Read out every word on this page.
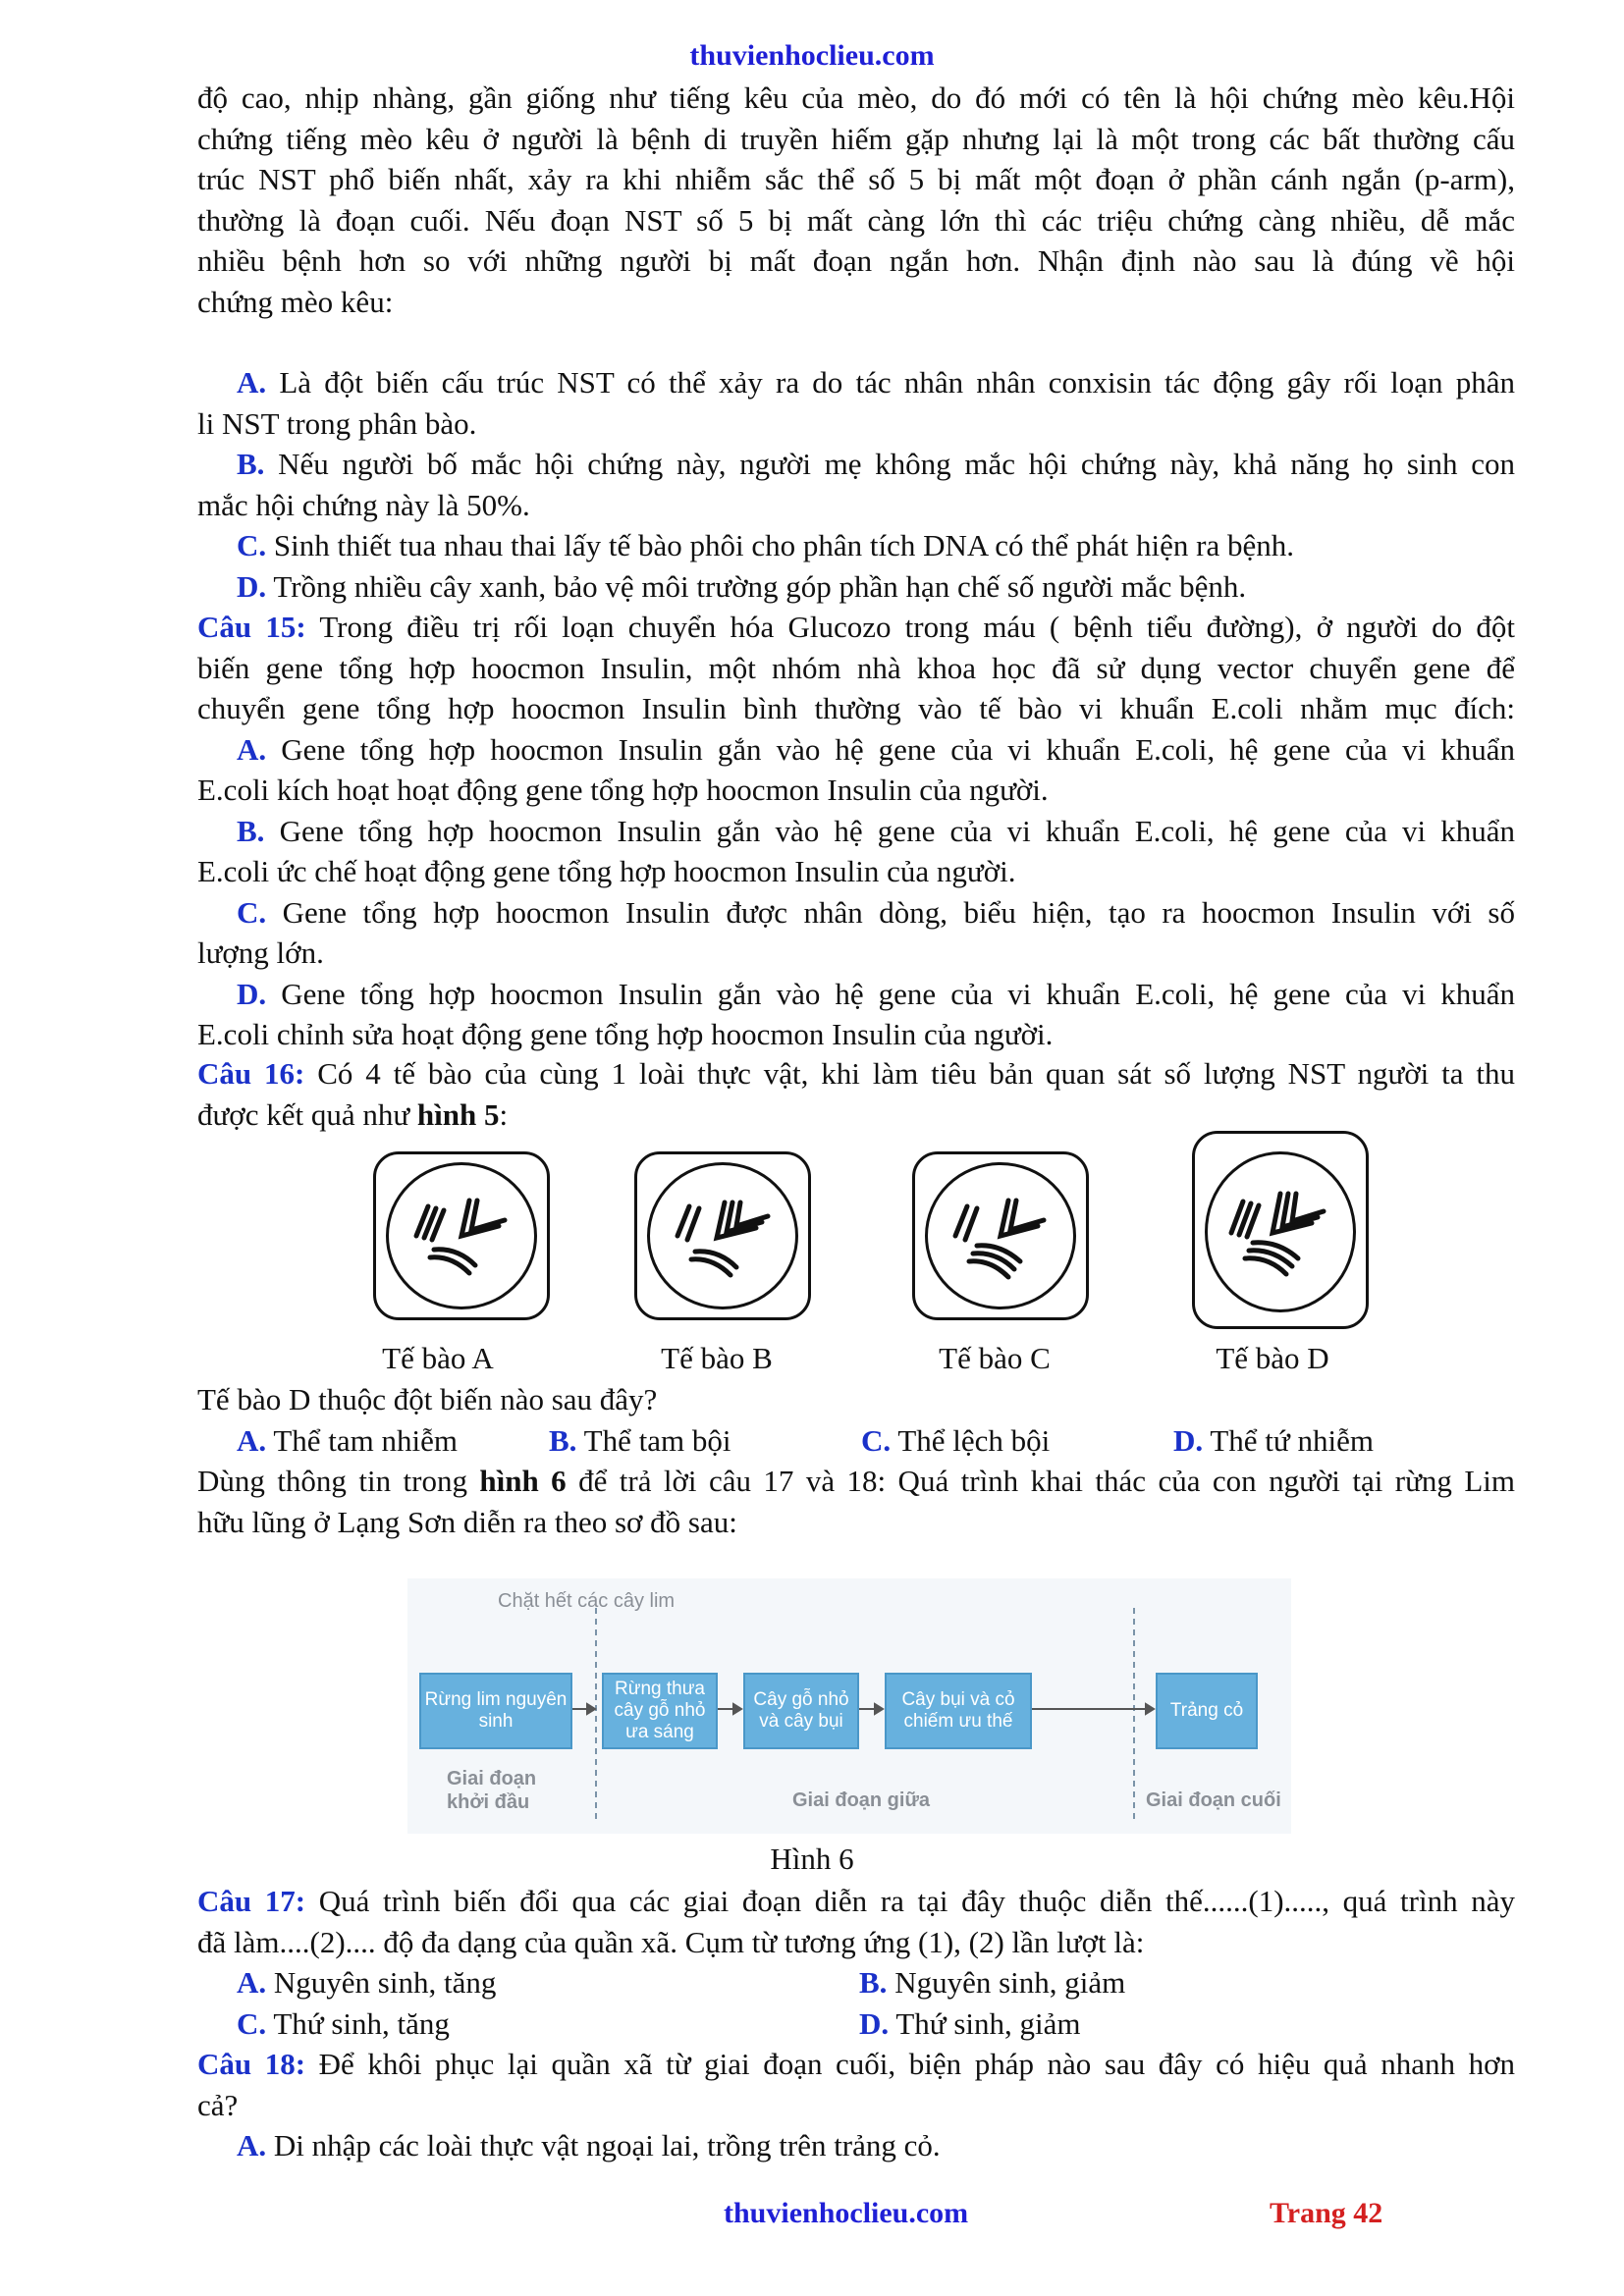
thuvienhoclieu.com
độ cao, nhịp nhàng, gần giống như tiếng kêu của mèo, do đó mới có tên là hội chứng mèo kêu.Hội
chứng tiếng mèo kêu ở người là bệnh di truyền hiếm gặp nhưng lại là một trong các bất thường cấu
trúc NST phổ biến nhất, xảy ra khi nhiễm sắc thể số 5 bị mất một đoạn ở phần cánh ngắn (p-arm),
thường là đoạn cuối. Nếu đoạn NST số 5 bị mất càng lớn thì các triệu chứng càng nhiều, dễ mắc
nhiều bệnh hơn so với những người bị mất đoạn ngắn hơn. Nhận định nào sau là đúng về hội
chứng mèo kêu:
A. Là đột biến cấu trúc NST có thể xảy ra do tác nhân nhân conxisin tác động gây rối loạn phân
li NST trong phân bào.
B. Nếu người bố mắc hội chứng này, người mẹ không mắc hội chứng này, khả năng họ sinh con
mắc hội chứng này là 50%.
C. Sinh thiết tua nhau thai lấy tế bào phôi cho phân tích DNA có thể phát hiện ra bệnh.
D. Trồng nhiều cây xanh, bảo vệ môi trường góp phần hạn chế số người mắc bệnh.
Câu 15: Trong điều trị rối loạn chuyển hóa Glucozo trong máu ( bệnh tiểu đường), ở người do đột
biến gene tổng hợp hoocmon Insulin, một nhóm nhà khoa học đã sử dụng vector chuyển gene để
chuyển gene tổng hợp hoocmon Insulin bình thường vào tế bào vi khuẩn E.coli nhằm mục đích:
A. Gene tổng hợp hoocmon Insulin gắn vào hệ gene của vi khuẩn E.coli, hệ gene của vi khuẩn
E.coli kích hoạt hoạt động gene tổng hợp hoocmon Insulin của người.
B. Gene tổng hợp hoocmon Insulin gắn vào hệ gene của vi khuẩn E.coli, hệ gene của vi khuẩn
E.coli ức chế hoạt động gene tổng hợp hoocmon Insulin của người.
C. Gene tổng hợp hoocmon Insulin được nhân dòng, biểu hiện, tạo ra hoocmon Insulin với số
lượng lớn.
D. Gene tổng hợp hoocmon Insulin gắn vào hệ gene của vi khuẩn E.coli, hệ gene của vi khuẩn
E.coli chỉnh sửa hoạt động gene tổng hợp hoocmon Insulin của người.
Câu 16: Có 4 tế bào của cùng 1 loài thực vật, khi làm tiêu bản quan sát số lượng NST người ta thu
được kết quả như hình 5:
Tế bào A	Tế bào B	Tế bào C	Tế bào D
Tế bào D thuộc đột biến nào sau đây?
A. Thể tam nhiễm	B. Thể tam bội	C. Thể lệch bội	D. Thể tứ nhiễm
Dùng thông tin trong hình 6 để trả lời câu 17 và 18: Quá trình khai thác của con người tại rừng Lim
hữu lũng ở Lạng Sơn diễn ra theo sơ đồ sau:
Chặt hết các cây lim
Rừng lim nguyên sinh
Rừng thưa cây gỗ nhỏ ưa sáng
Cây gỗ nhỏ và cây bụi
Cây bụi và cỏ chiếm ưu thế
Trảng cỏ
Giai đoạn khởi đầu	Giai đoạn giữa	Giai đoạn cuối
Hình 6
Câu 17: Quá trình biến đổi qua các giai đoạn diễn ra tại đây thuộc diễn thế......(1)....., quá trình này
đã làm....(2).... độ đa dạng của quần xã. Cụm từ tương ứng (1), (2) lần lượt là:
A. Nguyên sinh, tăng	B. Nguyên sinh, giảm
C. Thứ sinh, tăng	D. Thứ sinh, giảm
Câu 18: Để khôi phục lại quần xã từ giai đoạn cuối, biện pháp nào sau đây có hiệu quả nhanh hơn
cả?
A. Di nhập các loài thực vật ngoại lai, trồng trên trảng cỏ.
thuvienhoclieu.com	Trang 42
